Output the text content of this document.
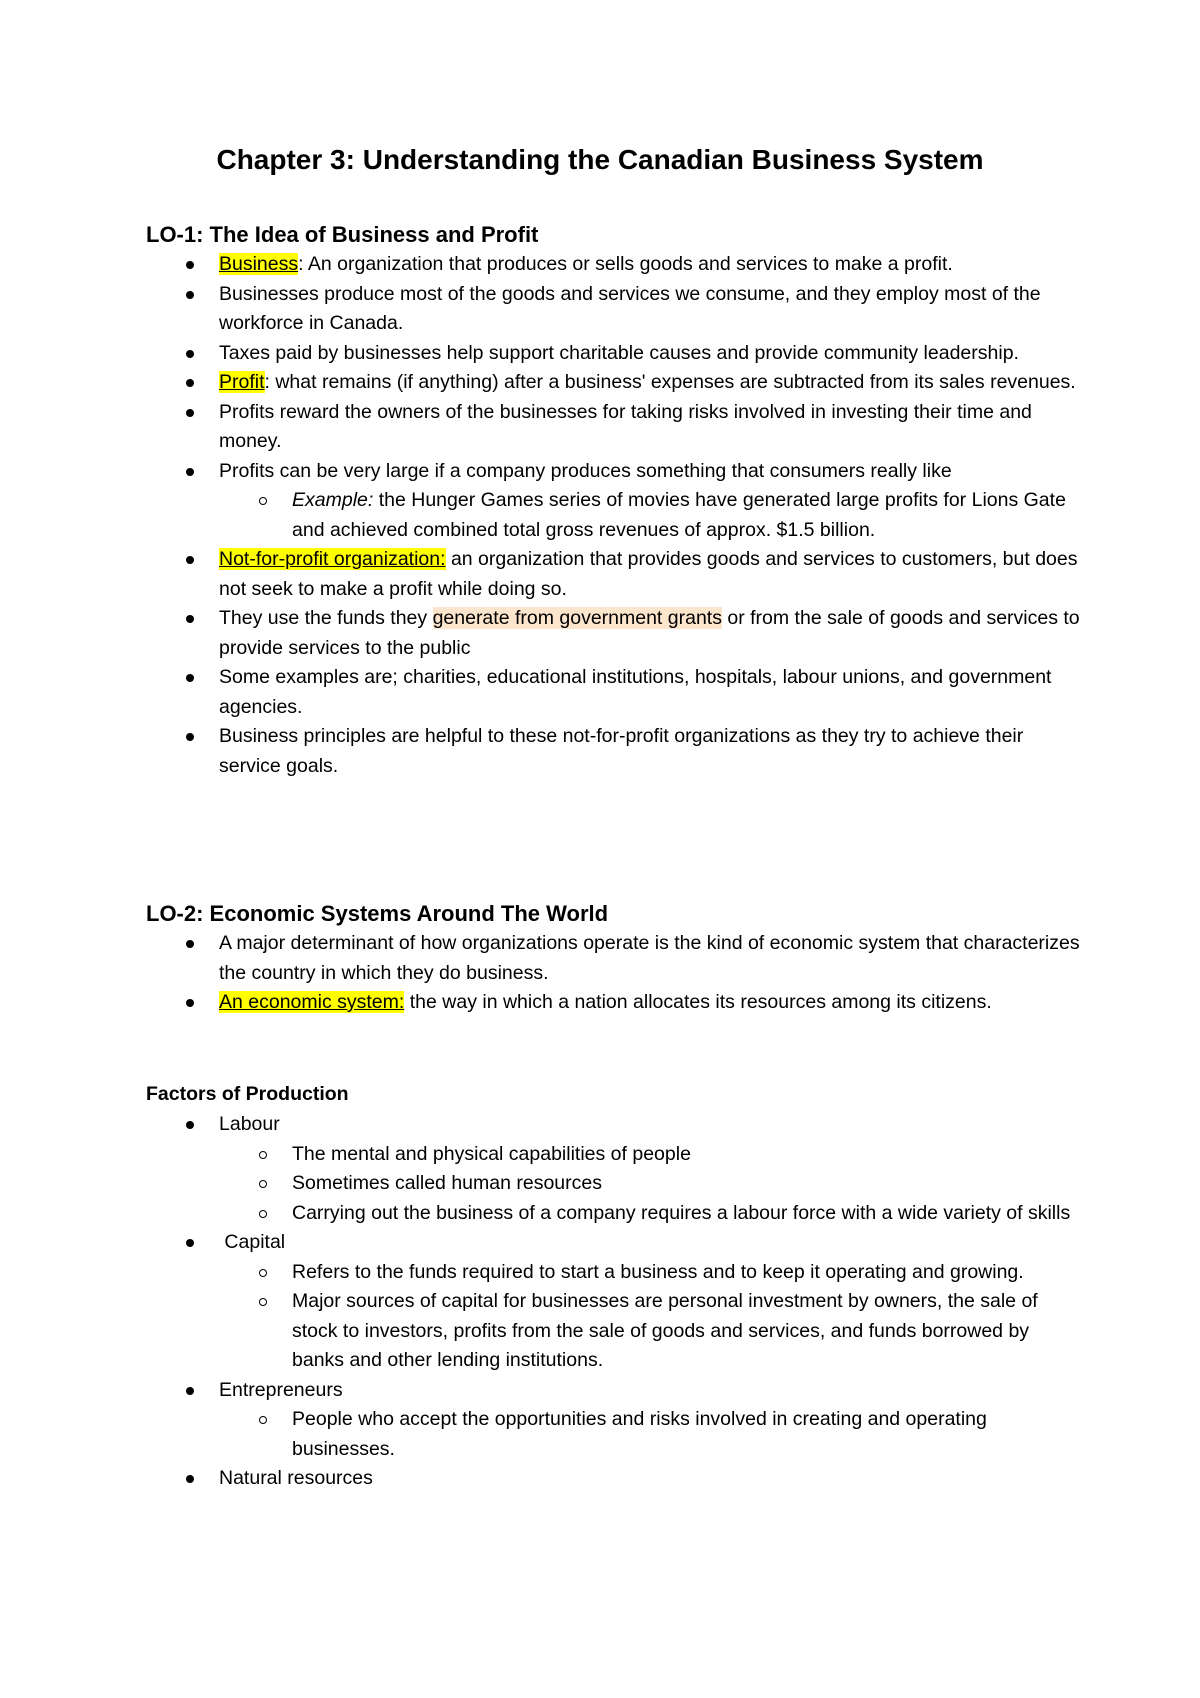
Chapter 3: Understanding the Canadian Business System
LO-1: The Idea of Business and Profit
Business: An organization that produces or sells goods and services to make a profit.
Businesses produce most of the goods and services we consume, and they employ most of the workforce in Canada.
Taxes paid by businesses help support charitable causes and provide community leadership.
Profit: what remains (if anything) after a business' expenses are subtracted from its sales revenues.
Profits reward the owners of the businesses for taking risks involved in investing their time and money.
Profits can be very large if a company produces something that consumers really like
Example: the Hunger Games series of movies have generated large profits for Lions Gate and achieved combined total gross revenues of approx. $1.5 billion.
Not-for-profit organization: an organization that provides goods and services to customers, but does not seek to make a profit while doing so.
They use the funds they generate from government grants or from the sale of goods and services to provide services to the public
Some examples are; charities, educational institutions, hospitals, labour unions, and government agencies.
Business principles are helpful to these not-for-profit organizations as they try to achieve their service goals.
LO-2: Economic Systems Around The World
A major determinant of how organizations operate is the kind of economic system that characterizes the country in which they do business.
An economic system: the way in which a nation allocates its resources among its citizens.
Factors of Production
Labour
The mental and physical capabilities of people
Sometimes called human resources
Carrying out the business of a company requires a labour force with a wide variety of skills
Capital
Refers to the funds required to start a business and to keep it operating and growing.
Major sources of capital for businesses are personal investment by owners, the sale of stock to investors, profits from the sale of goods and services, and funds borrowed by banks and other lending institutions.
Entrepreneurs
People who accept the opportunities and risks involved in creating and operating businesses.
Natural resources
